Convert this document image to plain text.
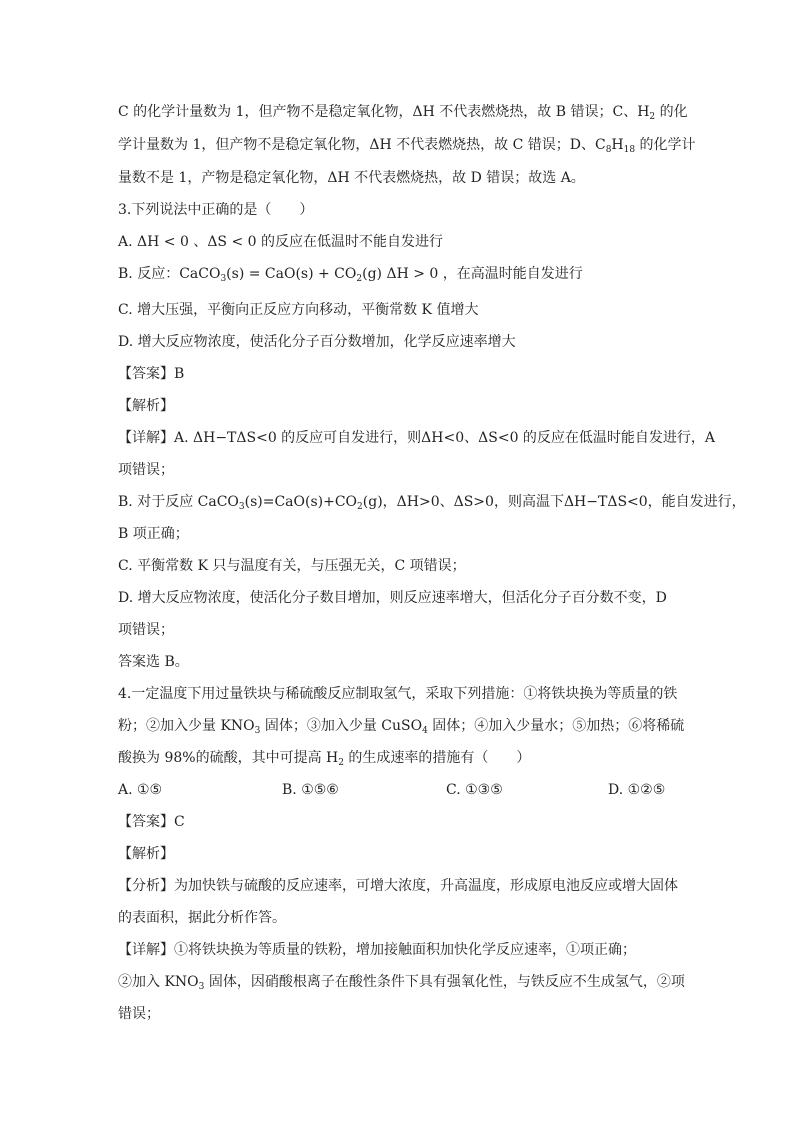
C 的化学计量数为 1，但产物不是稳定氧化物，ΔH 不代表燃烧热，故 B 错误；C、$H_2$ 的化
学计量数为 1，但产物不是稳定氧化物，ΔH 不代表燃烧热，故 C 错误；D、$C_8H_{18}$ 的化学计
量数不是 1，产物是稳定氧化物，ΔH 不代表燃烧热，故 D 错误；故选 A。
3.下列说法中正确的是（　　）
A. ΔH < 0 、ΔS < 0 的反应在低温时不能自发进行
B. 反应：CaCO$_3$(s) = $CaO(s) + CO_2(g) \Delta H > 0$ ，在高温时能自发进行
C. 增大压强，平衡向正反应方向移动，平衡常数 K 值增大
D. 增大反应物浓度，使活化分子百分数增加，化学反应速率增大
【答案】B
【解析】
【详解】A. ΔH−TΔS<0 的反应可自发进行，则ΔH<0、ΔS<0 的反应在低温时能自发进行，A
项错误；
B. 对于反应 $CaCO_3(s)=CaO(s)+CO_2(g)$，ΔH>0、ΔS>0，则高温下ΔH−TΔS<0，能自发进行，
B 项正确；
C. 平衡常数 K 只与温度有关，与压强无关，C 项错误；
D. 增大反应物浓度，使活化分子数目增加，则反应速率增大，但活化分子百分数不变，D
项错误；
答案选 B。
4.一定温度下用过量铁块与稀硫酸反应制取氢气，采取下列措施：①将铁块换为等质量的铁
粉；②加入少量 $KNO_3$ 固体；③加入少量 CuSO$_4$ 固体；④加入少量水；⑤加热；⑥将稀硫
酸换为 98%的硫酸，其中可提高 $H_2$ 的生成速率的措施有（　　）
A. ①⑤	B. ①⑤⑥	C. ①③⑤	D. ①②⑤
【答案】C
【解析】
【分析】为加快铁与硫酸的反应速率，可增大浓度，升高温度，形成原电池反应或增大固体
的表面积，据此分析作答。
【详解】①将铁块换为等质量的铁粉，增加接触面积加快化学反应速率，①项正确；
②加入 $KNO_3$ 固体，因硝酸根离子在酸性条件下具有强氧化性，与铁反应不生成氢气，②项
错误；
